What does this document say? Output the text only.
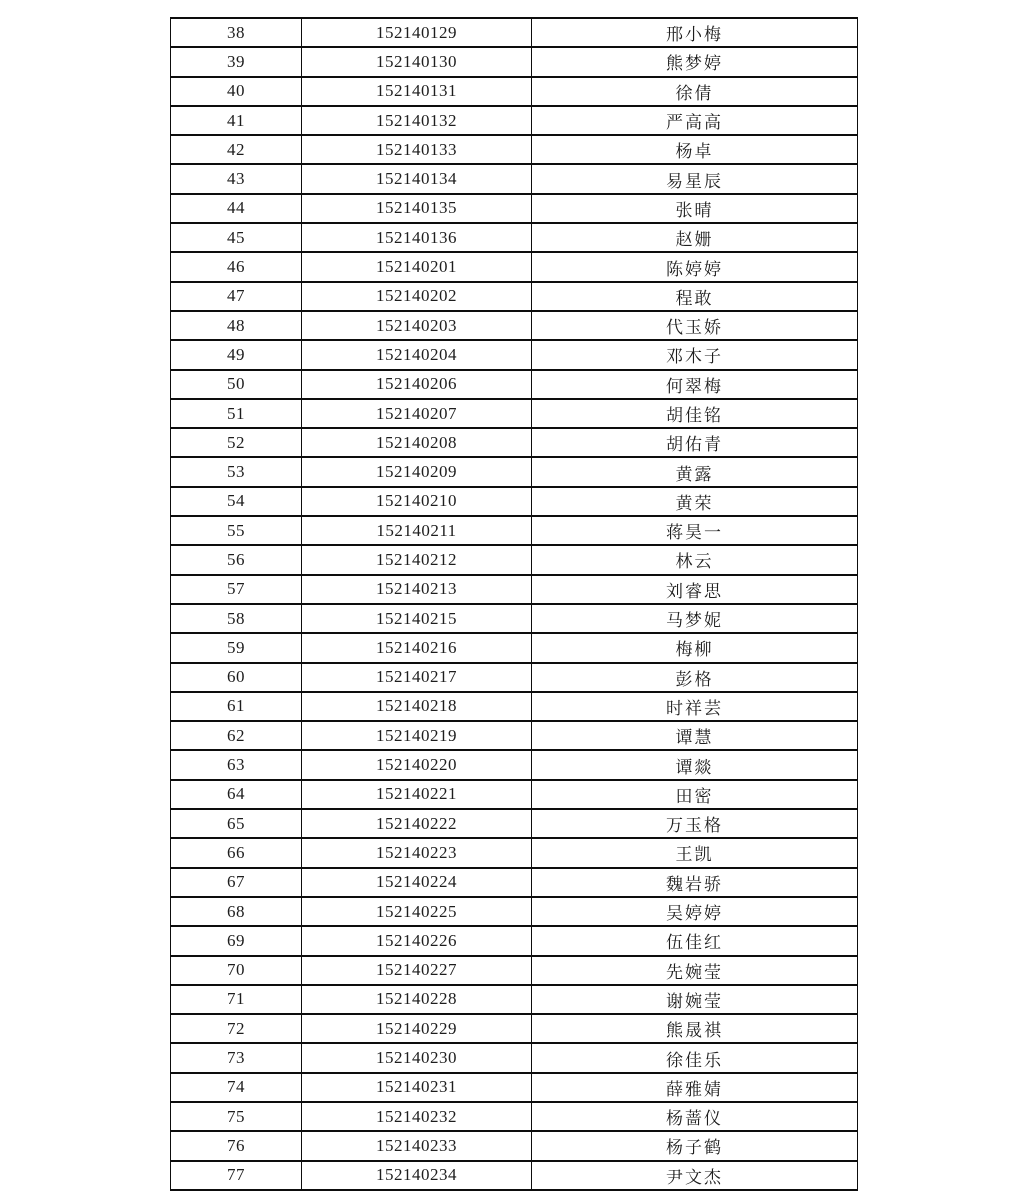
38	152140129	邢小梅
39	152140130	熊梦婷
40	152140131	徐倩
41	152140132	严高高
42	152140133	杨卓
43	152140134	易星辰
44	152140135	张晴
45	152140136	赵姗
46	152140201	陈婷婷
47	152140202	程敢
48	152140203	代玉娇
49	152140204	邓木子
50	152140206	何翠梅
51	152140207	胡佳铭
52	152140208	胡佑青
53	152140209	黄露
54	152140210	黄荣
55	152140211	蒋昊一
56	152140212	林云
57	152140213	刘睿思
58	152140215	马梦妮
59	152140216	梅柳
60	152140217	彭格
61	152140218	时祥芸
62	152140219	谭慧
63	152140220	谭燚
64	152140221	田密
65	152140222	万玉格
66	152140223	王凯
67	152140224	魏岩骄
68	152140225	吴婷婷
69	152140226	伍佳红
70	152140227	先婉莹
71	152140228	谢婉莹
72	152140229	熊晟祺
73	152140230	徐佳乐
74	152140231	薛雅婧
75	152140232	杨蔷仪
76	152140233	杨子鹤
77	152140234	尹文杰
